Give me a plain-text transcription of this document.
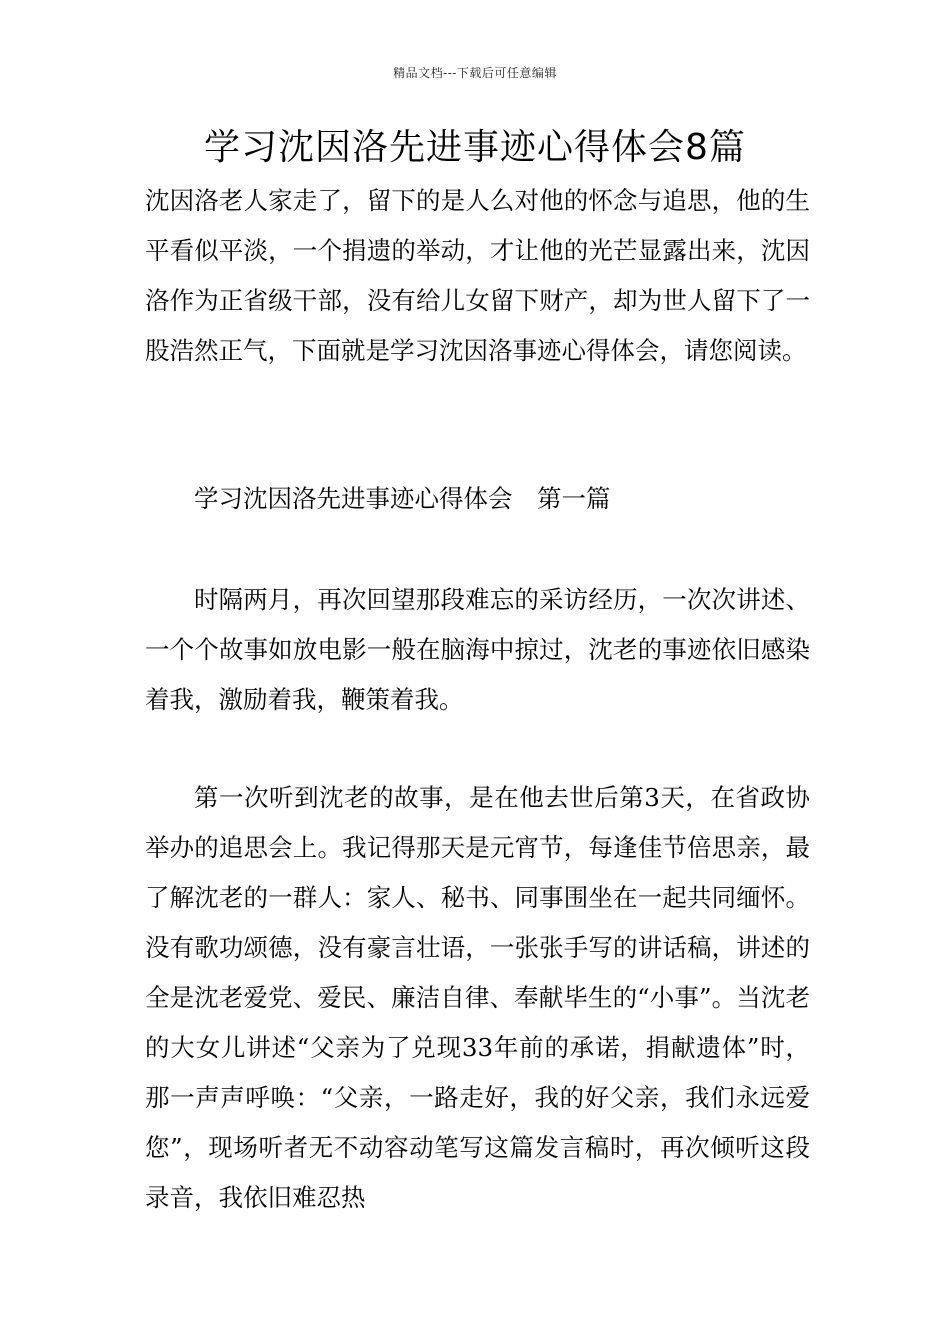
精品文档---下载后可任意编辑
学习沈因洛先进事迹心得体会8篇

沈因洛老人家走了，留下的是人么对他的怀念与追思，他的生平看似平淡，一个捐遗的举动，才让他的光芒显露出来，沈因洛作为正省级干部，没有给儿女留下财产，却为世人留下了一股浩然正气，下面就是学习沈因洛事迹心得体会，请您阅读。

学习沈因洛先进事迹心得体会　第一篇

时隔两月，再次回望那段难忘的采访经历，一次次讲述、一个个故事如放电影一般在脑海中掠过，沈老的事迹依旧感染着我，激励着我，鞭策着我。

第一次听到沈老的故事，是在他去世后第3天，在省政协举办的追思会上。我记得那天是元宵节，每逢佳节倍思亲，最了解沈老的一群人：家人、秘书、同事围坐在一起共同缅怀。没有歌功颂德，没有豪言壮语，一张张手写的讲话稿，讲述的全是沈老爱党、爱民、廉洁自律、奉献毕生的“小事”。当沈老的大女儿讲述“父亲为了兑现33年前的承诺，捐献遗体”时，那一声声呼唤：“父亲，一路走好，我的好父亲，我们永远爱您”，现场听者无不动容动笔写这篇发言稿时，再次倾听这段录音，我依旧难忍热
